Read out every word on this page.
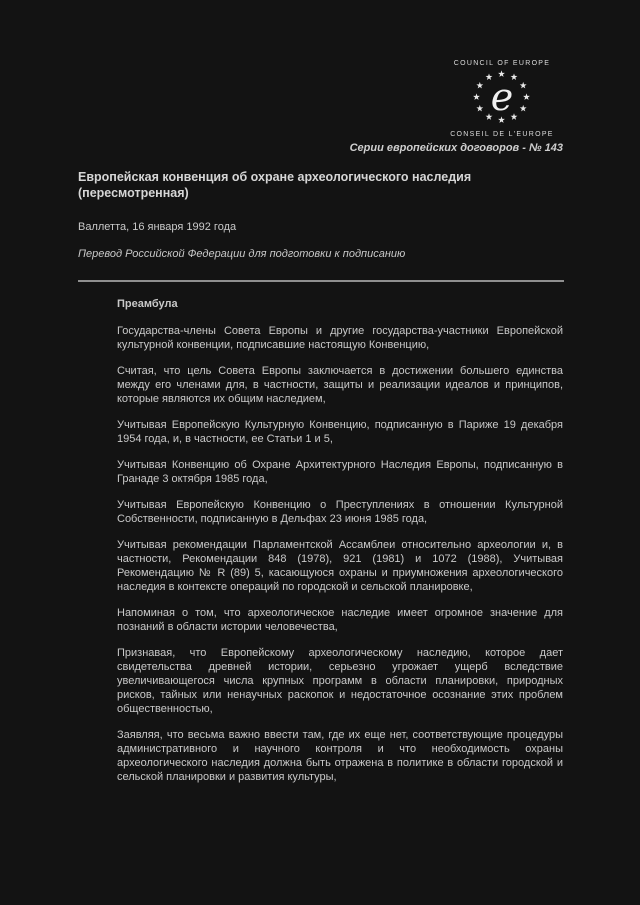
COUNCIL OF EUROPE
e
CONSEIL DE L'EUROPE
Серии европейских договоров - № 143
Европейская конвенция об охране археологического наследия (пересмотренная)
Валлетта, 16 января 1992 года
Перевод Российской Федерации для подготовки к подписанию
Преамбула

Государства-члены Совета Европы и другие государства-участники Европейской культурной конвенции, подписавшие настоящую Конвенцию,

Считая, что цель Совета Европы заключается в достижении большего единства между его членами для, в частности, защиты и реализации идеалов и принципов, которые являются их общим наследием,

Учитывая Европейскую Культурную Конвенцию, подписанную в Париже 19 декабря 1954 года, и, в частности, ее Статьи 1 и 5,

Учитывая Конвенцию об Охране Архитектурного Наследия Европы, подписанную в Гранаде 3 октября 1985 года,

Учитывая Европейскую Конвенцию о Преступлениях в отношении Культурной Собственности, подписанную в Дельфах 23 июня 1985 года,

Учитывая рекомендации Парламентской Ассамблеи относительно археологии и, в частности, Рекомендации 848 (1978), 921 (1981) и 1072 (1988), Учитывая Рекомендацию № R (89) 5, касающуюся охраны и приумножения археологического наследия в контексте операций по городской и сельской планировке,

Напоминая о том, что археологическое наследие имеет огромное значение для познаний в области истории человечества,

Признавая, что Европейскому археологическому наследию, которое дает свидетельства древней истории, серьезно угрожает ущерб вследствие увеличивающегося числа крупных программ в области планировки, природных рисков, тайных или ненаучных раскопок и недостаточное осознание этих проблем общественностью,

Заявляя, что весьма важно ввести там, где их еще нет, соответствующие процедуры административного и научного контроля и что необходимость охраны археологического наследия должна быть отражена в политике в области городской и сельской планировки и развития культуры,
